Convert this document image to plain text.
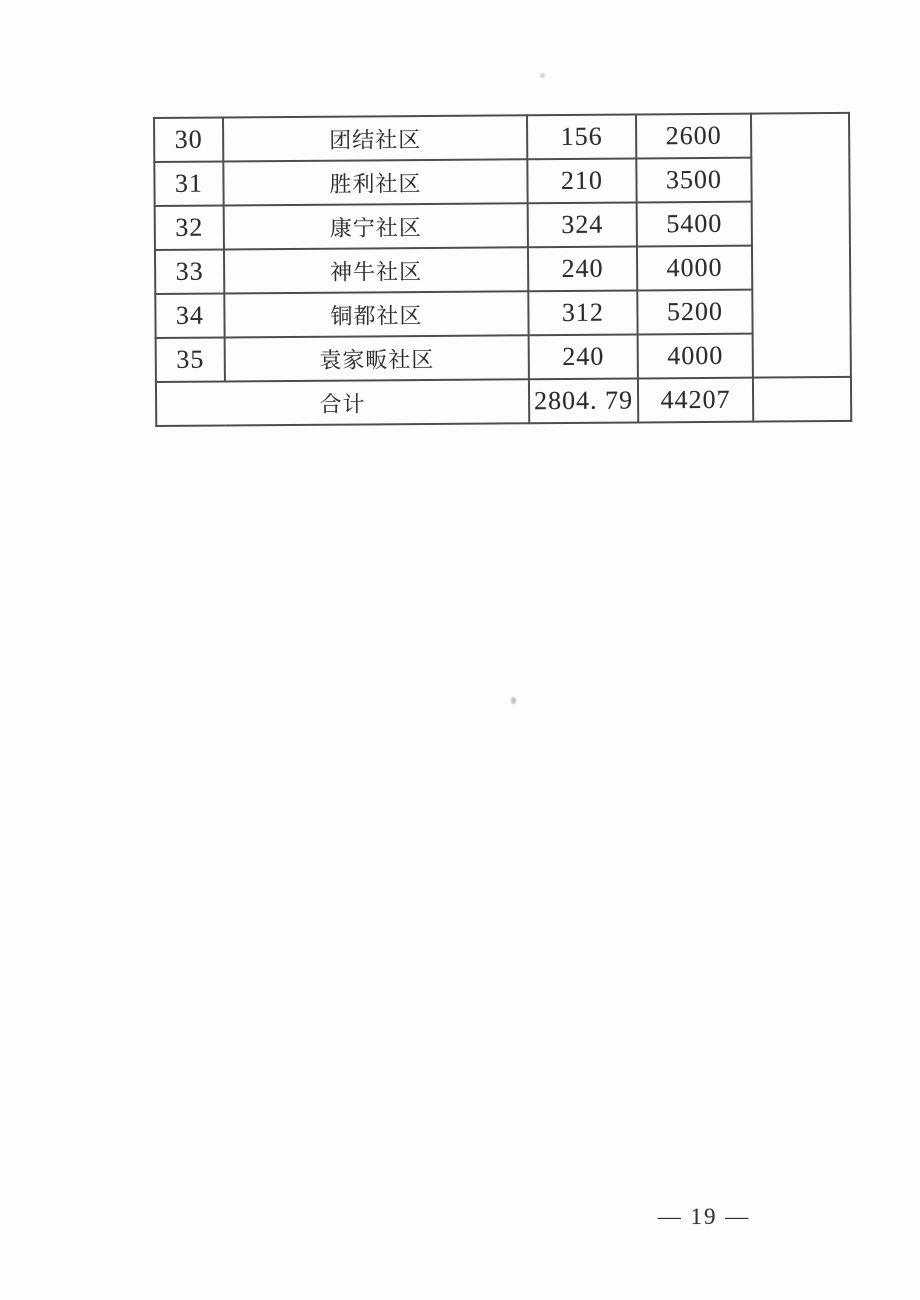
30	团结社区	156	2600	
31	胜利社区	210	3500	
32	康宁社区	324	5400	
33	神牛社区	240	4000	
34	铜都社区	312	5200	
35	袁家畈社区	240	4000	
合计		2804. 79	44207	
— 19 —
